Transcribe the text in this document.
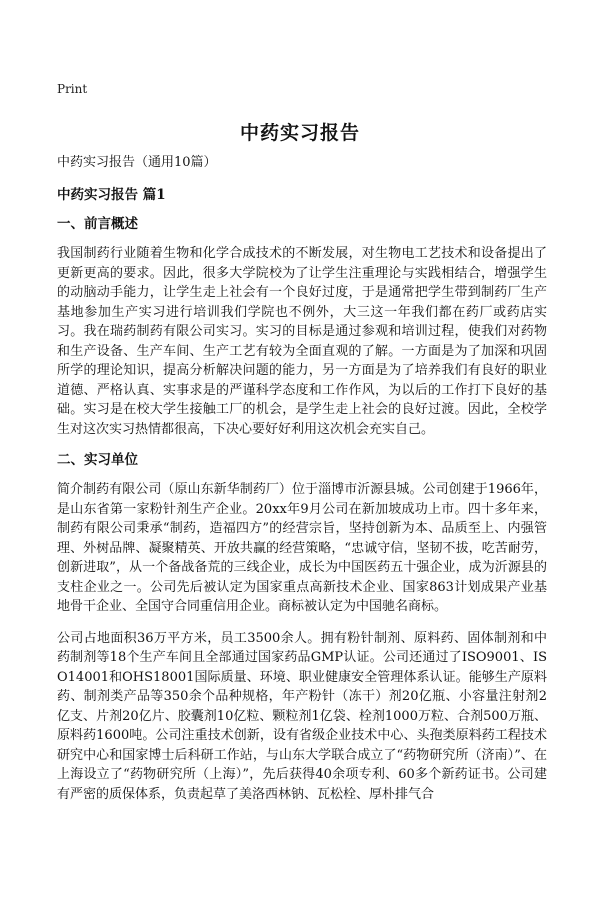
Print
中药实习报告

中药实习报告（通用10篇）

中药实习报告 篇1

一、前言概述

我国制药行业随着生物和化学合成技术的不断发展，对生物电工艺技术和设备提出了更新更高的要求。因此，很多大学院校为了让学生注重理论与实践相结合，增强学生的动脑动手能力，让学生走上社会有一个良好过度，于是通常把学生带到制药厂生产基地参加生产实习进行培训我们学院也不例外，大三这一年我们都在药厂或药店实习。我在瑞药制药有限公司实习。实习的目标是通过参观和培训过程，使我们对药物和生产设备、生产车间、生产工艺有较为全面直观的了解。一方面是为了加深和巩固所学的理论知识，提高分析解决问题的能力，另一方面是为了培养我们有良好的职业道德、严格认真、实事求是的严谨科学态度和工作作风，为以后的工作打下良好的基础。实习是在校大学生接触工厂的机会，是学生走上社会的良好过渡。因此，全校学生对这次实习热情都很高，下决心要好好利用这次机会充实自己。

二、实习单位

简介制药有限公司（原山东新华制药厂）位于淄博市沂源县城。公司创建于1966年，是山东省第一家粉针剂生产企业。20xx年9月公司在新加坡成功上市。四十多年来，制药有限公司秉承“制药，造福四方”的经营宗旨，坚持创新为本、品质至上、内强管理、外树品牌、凝聚精英、开放共赢的经营策略，“忠诚守信，坚韧不拔，吃苦耐劳，创新进取”，从一个备战备荒的三线企业，成长为中国医药五十强企业，成为沂源县的支柱企业之一。公司先后被认定为国家重点高新技术企业、国家863计划成果产业基地骨干企业、全国守合同重信用企业。商标被认定为中国驰名商标。

公司占地面积36万平方米，员工3500余人。拥有粉针制剂、原料药、固体制剂和中药制剂等18个生产车间且全部通过国家药品GMP认证。公司还通过了ISO9001、ISO14001和OHS18001国际质量、环境、职业健康安全管理体系认证。能够生产原料药、制剂类产品等350余个品种规格，年产粉针（冻干）剂20亿瓶、小容量注射剂2亿支、片剂20亿片、胶囊剂10亿粒、颗粒剂1亿袋、栓剂1000万粒、合剂500万瓶、原料药1600吨。公司注重技术创新，设有省级企业技术中心、头孢类原料药工程技术研究中心和国家博士后科研工作站，与山东大学联合成立了“药物研究所（济南）”、在上海设立了“药物研究所（上海）”，先后获得40余项专利、60多个新药证书。公司建有严密的质保体系，负责起草了美洛西林钠、瓦松栓、厚朴排气合
